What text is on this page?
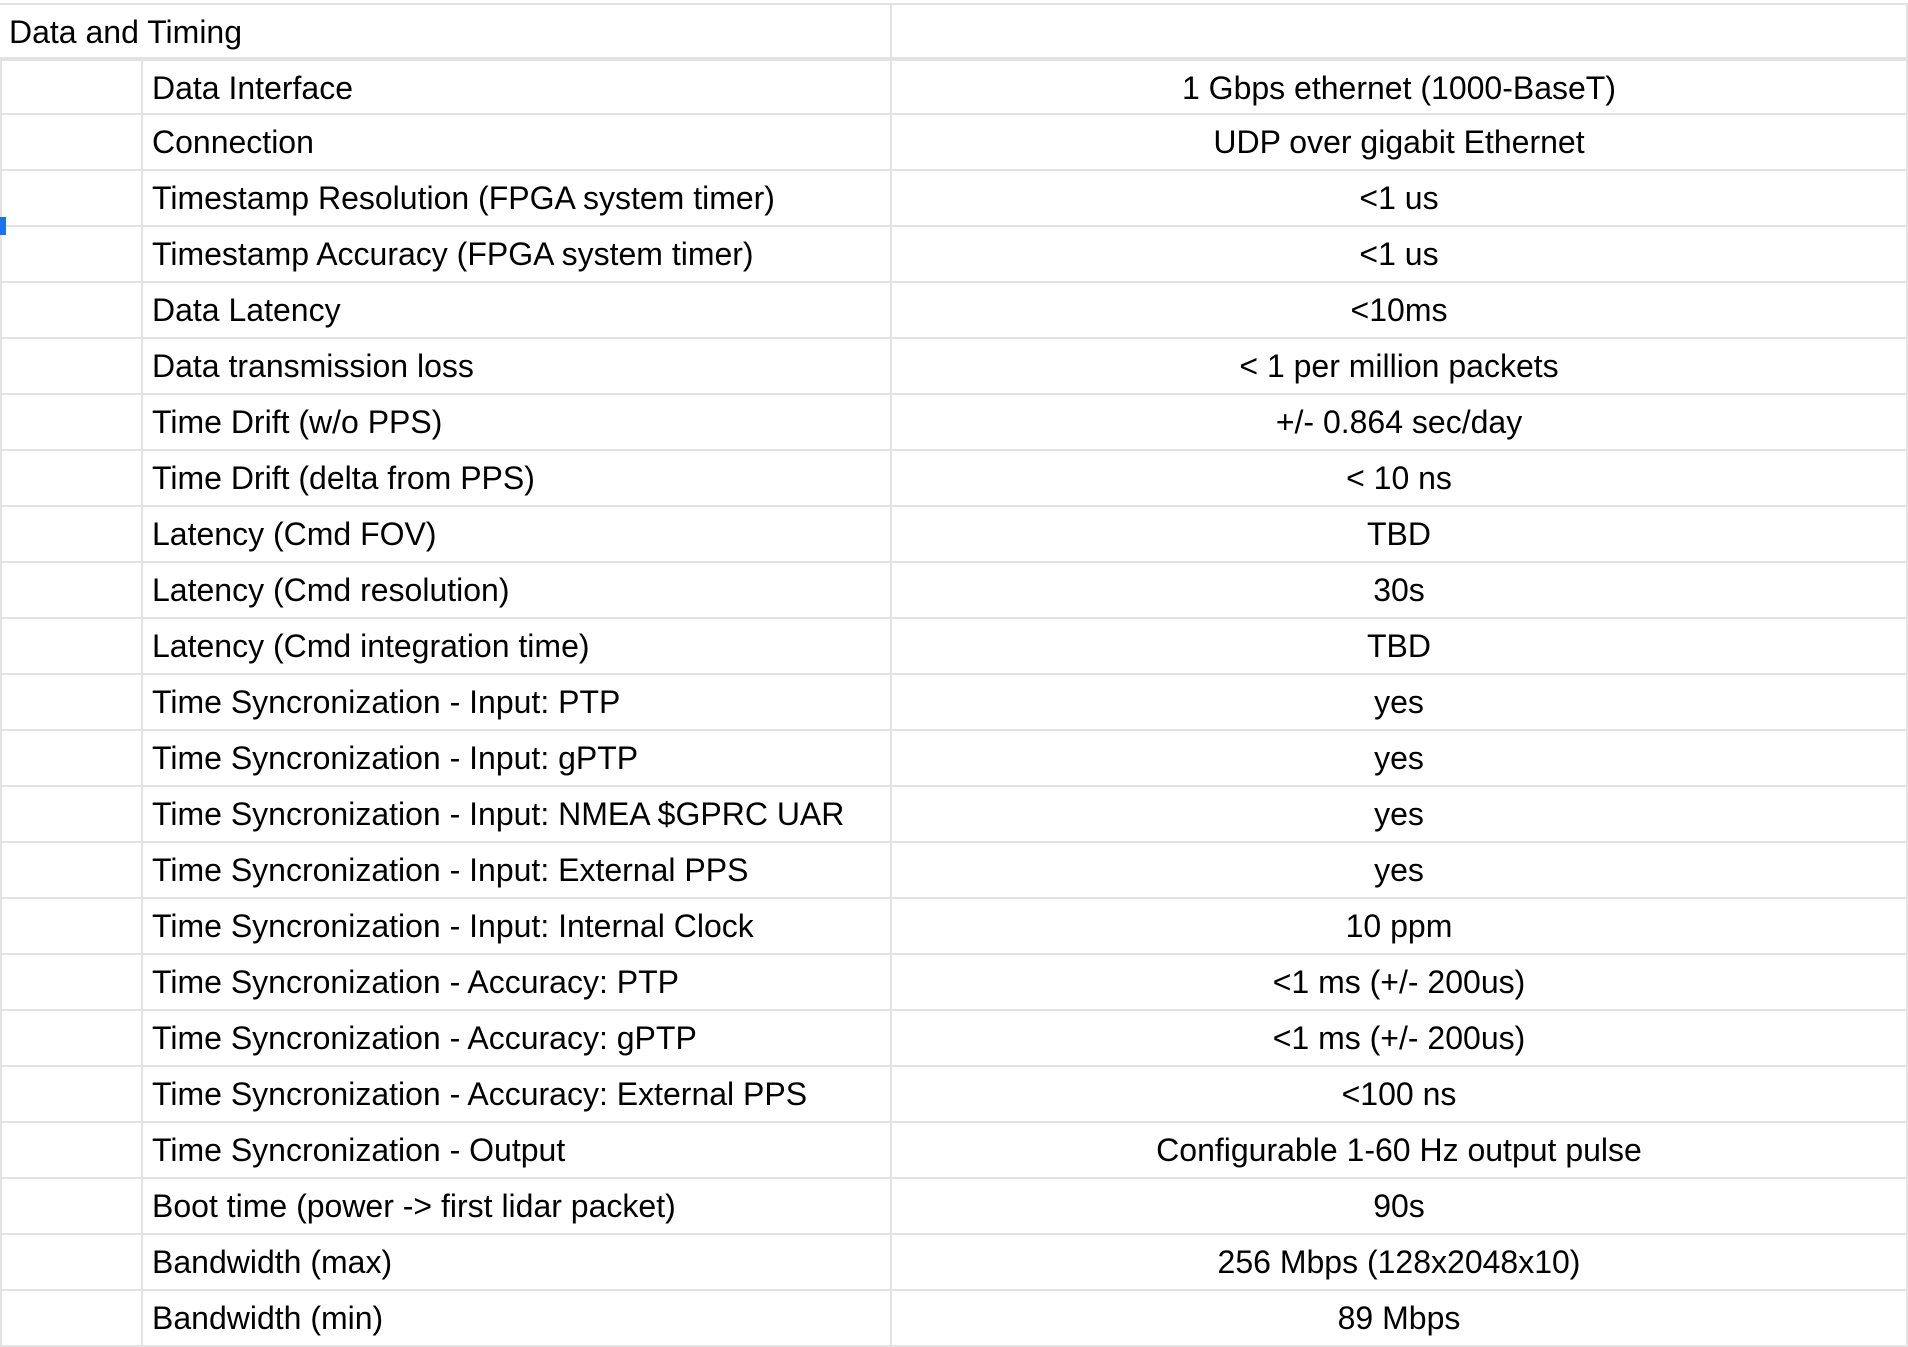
Data and Timing
Data Interface	1 Gbps ethernet (1000-BaseT)
Connection	UDP over gigabit Ethernet
Timestamp Resolution (FPGA system timer)	<1 us
Timestamp Accuracy (FPGA system timer)	<1 us
Data Latency	<10ms
Data transmission loss	< 1 per million packets
Time Drift (w/o PPS)	+/- 0.864 sec/day
Time Drift (delta from PPS)	< 10 ns
Latency (Cmd FOV)	TBD
Latency (Cmd resolution)	30s
Latency (Cmd integration time)	TBD
Time Syncronization - Input: PTP	yes
Time Syncronization - Input: gPTP	yes
Time Syncronization - Input: NMEA $GPRC UAR	yes
Time Syncronization - Input: External PPS	yes
Time Syncronization - Input: Internal Clock	10 ppm
Time Syncronization - Accuracy: PTP	<1 ms (+/- 200us)
Time Syncronization - Accuracy: gPTP	<1 ms (+/- 200us)
Time Syncronization - Accuracy: External PPS	<100 ns
Time Syncronization - Output	Configurable 1-60 Hz output pulse
Boot time (power -> first lidar packet)	90s
Bandwidth (max)	256 Mbps (128x2048x10)
Bandwidth (min)	89 Mbps
